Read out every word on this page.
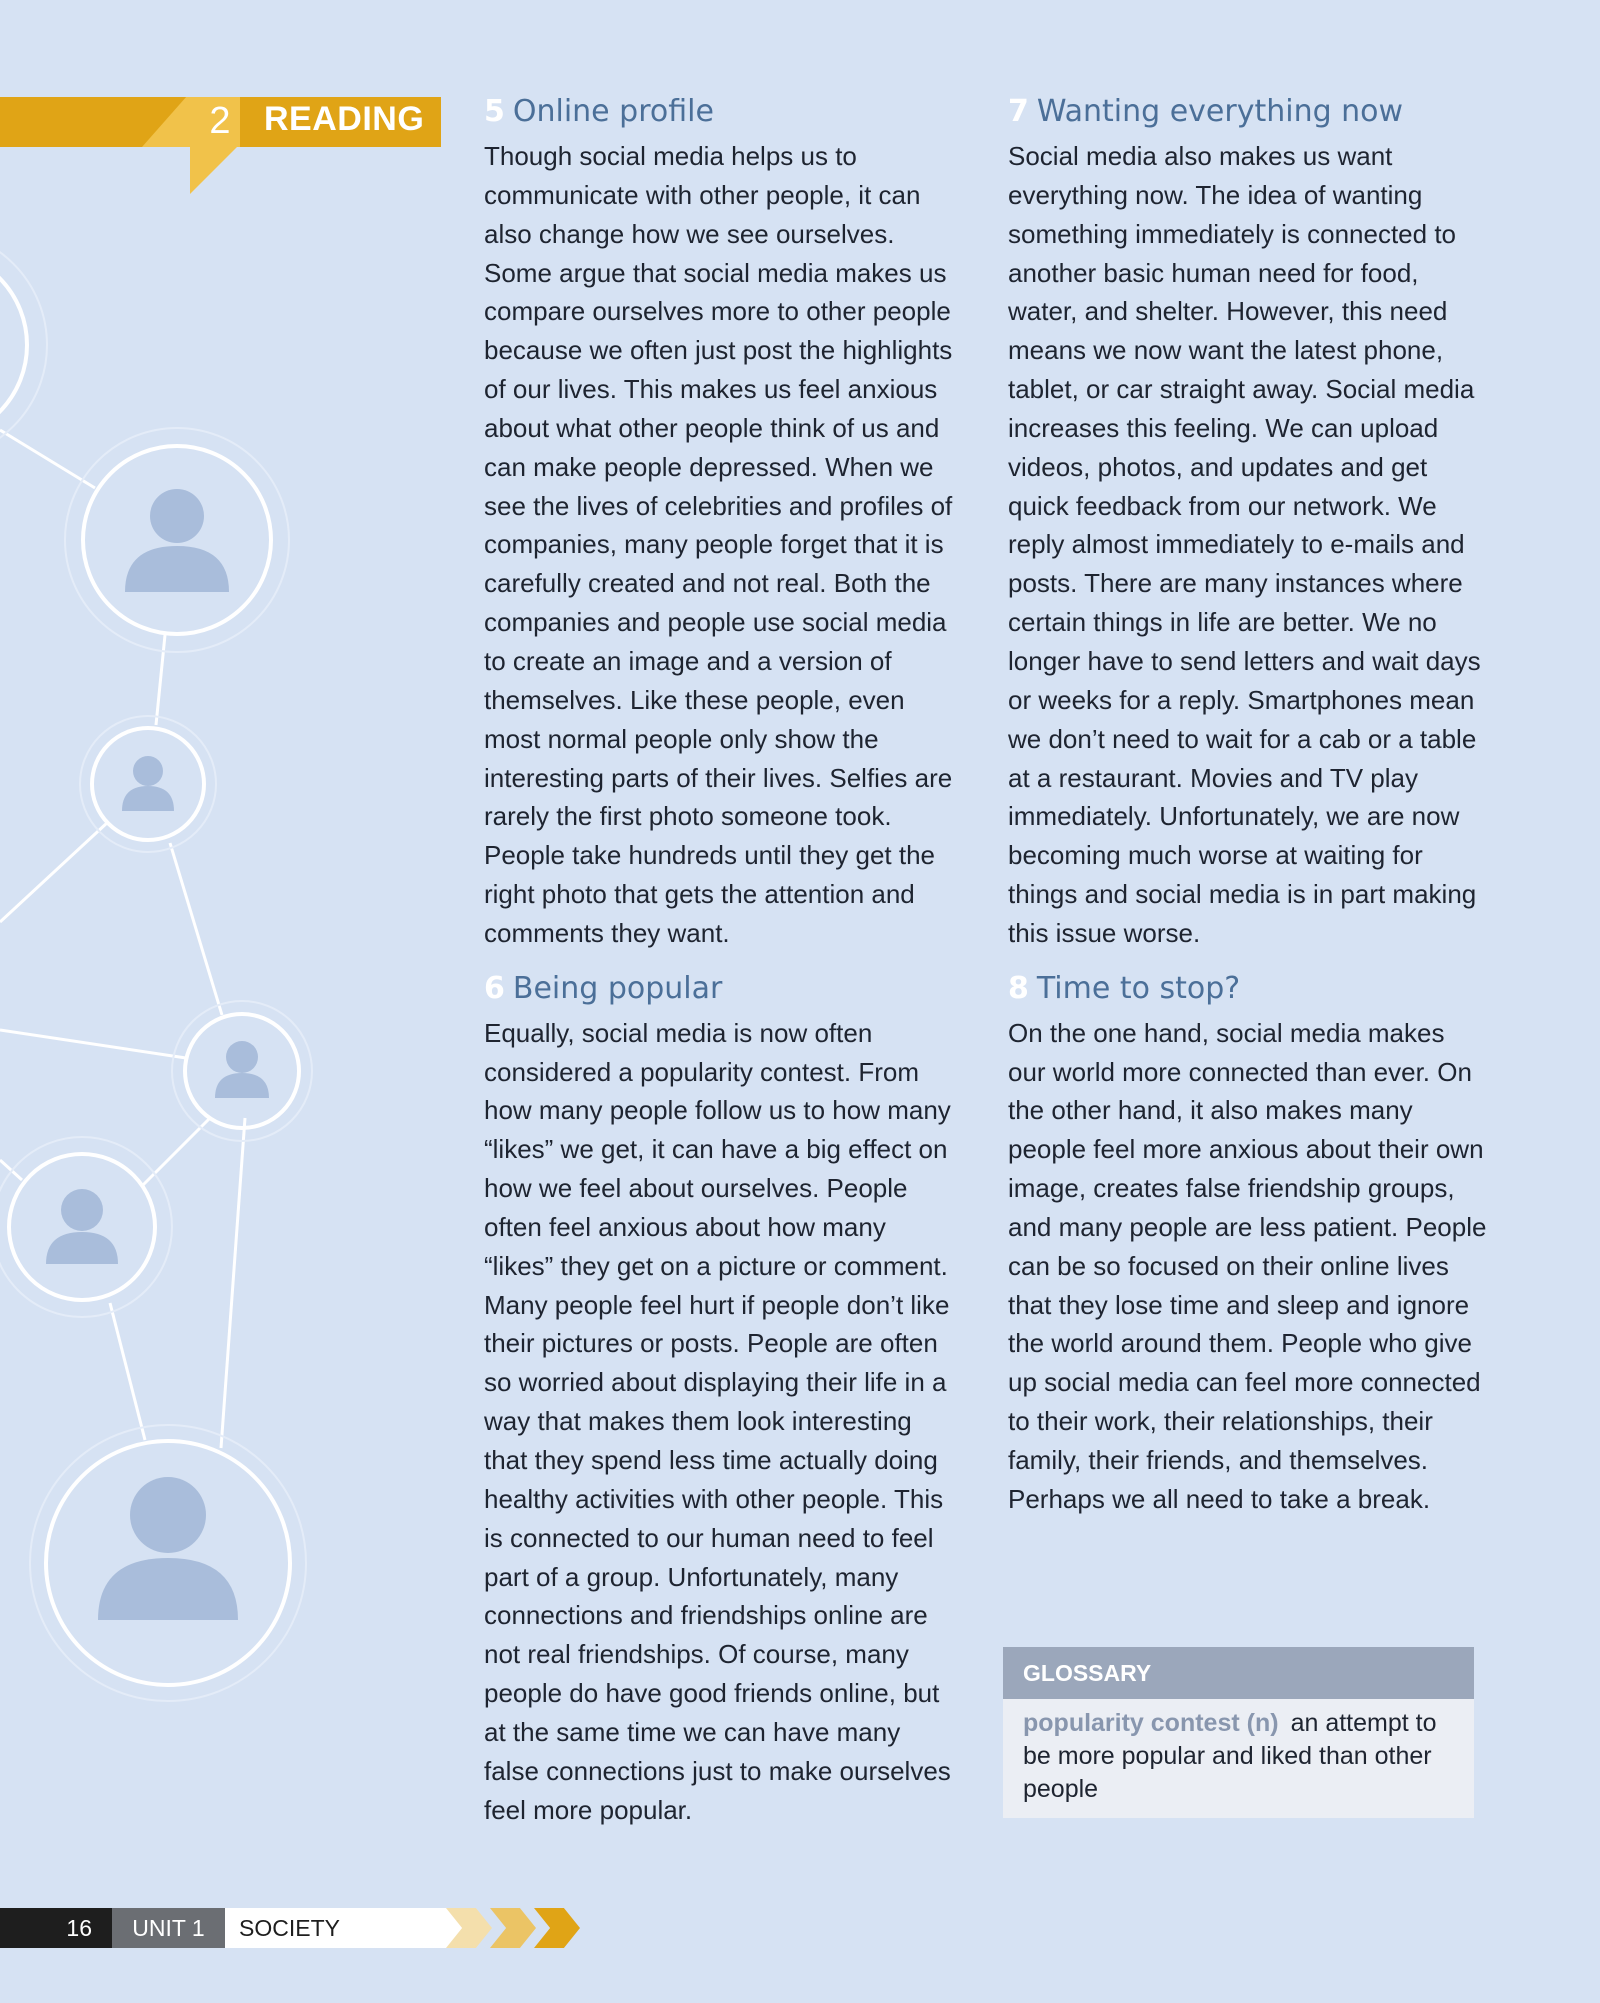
2 READING 5 Online profile

Though social media helps us to communicate with other people, it can also change how we see ourselves. Some argue that social media makes us compare ourselves more to other people because we often just post the highlights of our lives. This makes us feel anxious about what other people think of us and can make people depressed. When we see the lives of celebrities and profiles of companies, many people forget that it is carefully created and not real. Both the companies and people use social media to create an image and a version of themselves. Like these people, even most normal people only show the interesting parts of their lives. Selfies are rarely the first photo someone took. People take hundreds until they get the right photo that gets the attention and comments they want.

6 Being popular

Equally, social media is now often considered a popularity contest. From how many people follow us to how many “likes” we get, it can have a big effect on how we feel about ourselves. People often feel anxious about how many “likes” they get on a picture or comment. Many people feel hurt if people don’t like their pictures or posts. People are often so worried about displaying their life in a way that makes them look interesting that they spend less time actually doing healthy activities with other people. This is connected to our human need to feel part of a group. Unfortunately, many connections and friendships online are not real friendships. Of course, many people do have good friends online, but at the same time we can have many false connections just to make ourselves feel more popular.

7 Wanting everything now

Social media also makes us want everything now. The idea of wanting something immediately is connected to another basic human need for food, water, and shelter. However, this need means we now want the latest phone, tablet, or car straight away. Social media increases this feeling. We can upload videos, photos, and updates and get quick feedback from our network. We reply almost immediately to e-mails and posts. There are many instances where certain things in life are better. We no longer have to send letters and wait days or weeks for a reply. Smartphones mean we don’t need to wait for a cab or a table at a restaurant. Movies and TV play immediately. Unfortunately, we are now becoming much worse at waiting for things and social media is in part making this issue worse.

8 Time to stop?

On the one hand, social media makes our world more connected than ever. On the other hand, it also makes many people feel more anxious about their own image, creates false friendship groups, and many people are less patient. People can be so focused on their online lives that they lose time and sleep and ignore the world around them. People who give up social media can feel more connected to their work, their relationships, their family, their friends, and themselves. Perhaps we all need to take a break.

GLOSSARY
popularity contest (n) an attempt to be more popular and liked than other people
16	UNIT 1	SOCIETY
